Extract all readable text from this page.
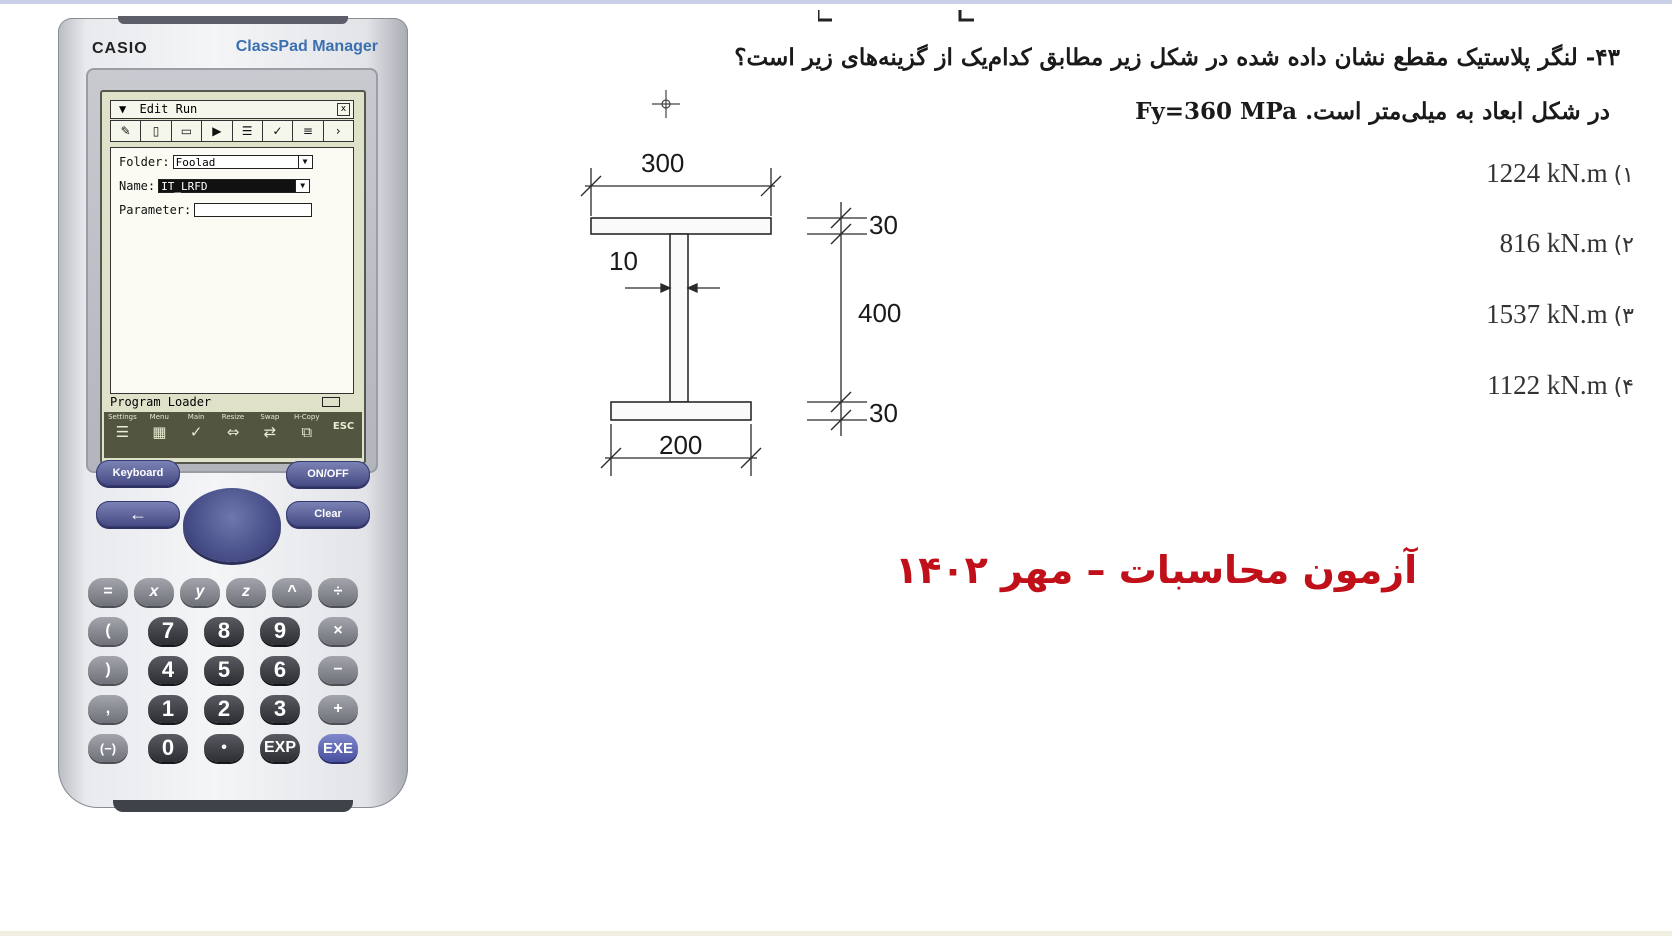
CASIO	ClassPad Manager
▼ Edit Run	x
✎	▯	▭	▶	☰	✓	≡	›
Folder: Foolad	▼
Name: IT_LRFD	▼
Parameter:
Program Loader
Settings
☰
Menu
▦
Main
✓
Resize
⇔
Swap
⇄
H-Copy
⧉ ESC
Keyboard	ON/OFF
←	Clear
=	x	y	z	^	÷
(	7	8	9	×
)	4	5	6	−
,	1	2	3	+
(−)	0	•	EXP	EXE
۴۳- لنگر پلاستیک مقطع نشان داده شده در شکل زیر مطابق کدام‌یک از گزینه‌های زیر است؟
در شکل ابعاد به میلی‌متر است. Fy=360 MPa
1224 kN.m (۱
816 kN.m (۲
1537 kN.m (۳
1122 kN.m (۴
300
10
30
400
30
200
آزمون محاسبات – مهر ۱۴۰۲
